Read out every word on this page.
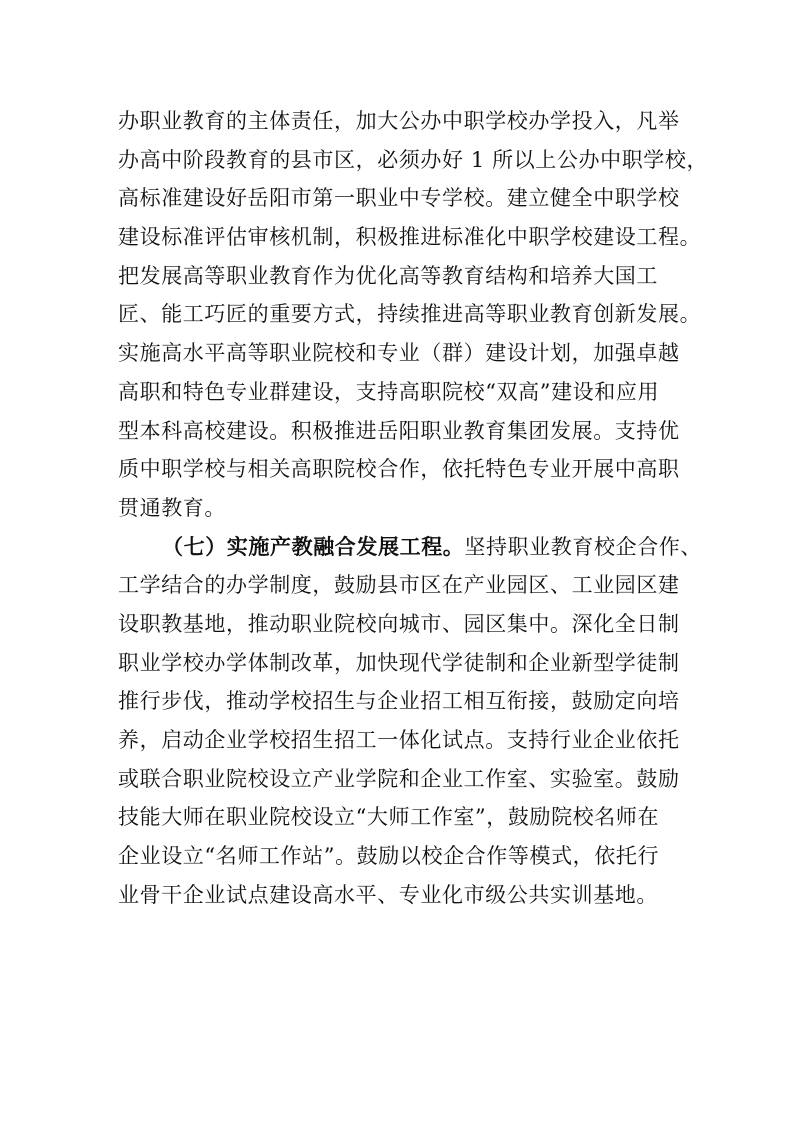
办职业教育的主体责任，加大公办中职学校办学投入，凡举
办高中阶段教育的县市区，必须办好 1 所以上公办中职学校，
高标准建设好岳阳市第一职业中专学校。建立健全中职学校
建设标准评估审核机制，积极推进标准化中职学校建设工程。
把发展高等职业教育作为优化高等教育结构和培养大国工
匠、能工巧匠的重要方式，持续推进高等职业教育创新发展。
实施高水平高等职业院校和专业（群）建设计划，加强卓越
高职和特色专业群建设，支持高职院校“双高”建设和应用
型本科高校建设。积极推进岳阳职业教育集团发展。支持优
质中职学校与相关高职院校合作，依托特色专业开展中高职
贯通教育。
（七）实施产教融合发展工程。坚持职业教育校企合作、
工学结合的办学制度，鼓励县市区在产业园区、工业园区建
设职教基地，推动职业院校向城市、园区集中。深化全日制
职业学校办学体制改革，加快现代学徒制和企业新型学徒制
推行步伐，推动学校招生与企业招工相互衔接，鼓励定向培
养，启动企业学校招生招工一体化试点。支持行业企业依托
或联合职业院校设立产业学院和企业工作室、实验室。鼓励
技能大师在职业院校设立“大师工作室”，鼓励院校名师在
企业设立“名师工作站”。鼓励以校企合作等模式，依托行
业骨干企业试点建设高水平、专业化市级公共实训基地。
